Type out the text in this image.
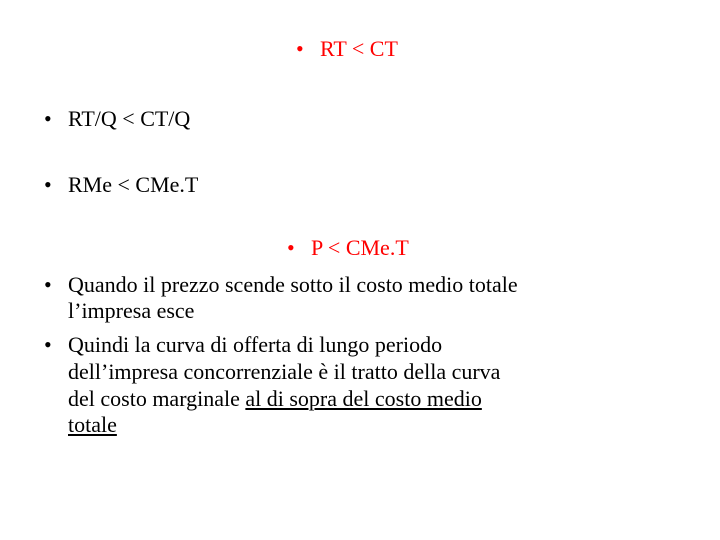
• RT < CT
• RT/Q < CT/Q
• RMe < CMe.T
• P < CMe.T
• Quando il prezzo scende sotto il costo medio totale
l’impresa esce
• Quindi la curva di offerta di lungo periodo
dell’impresa concorrenziale è il tratto della curva
del costo marginale al di sopra del costo medio
totale
